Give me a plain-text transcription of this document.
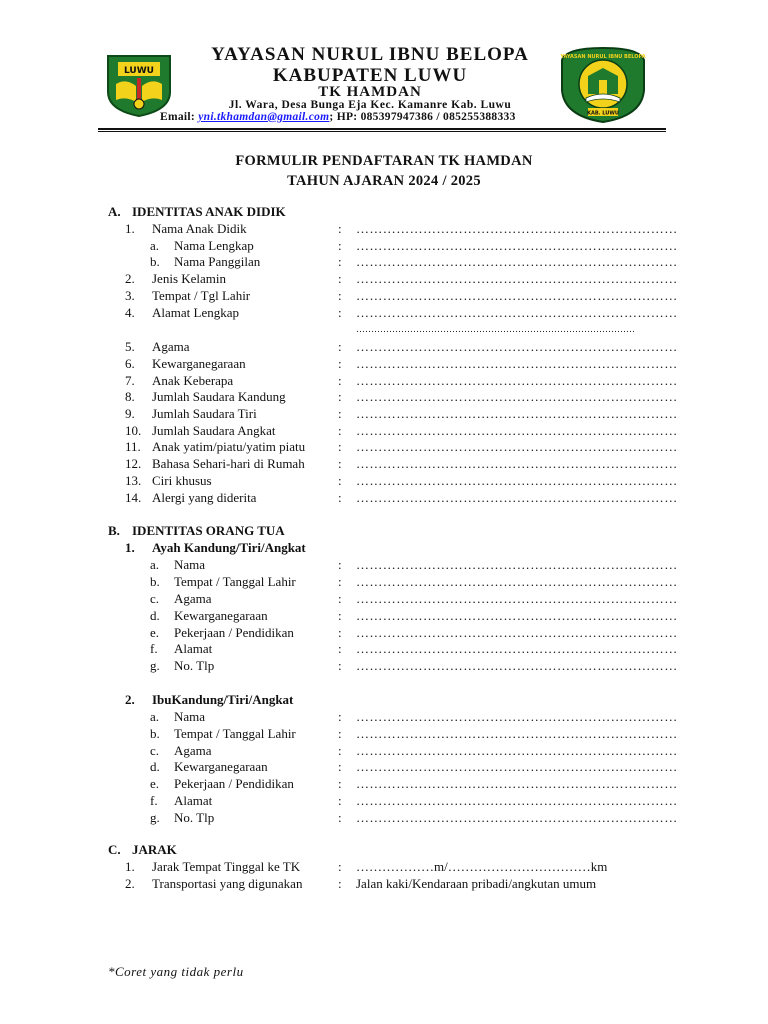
LUWU
YAYASAN NURUL IBNU BELOPA
KAB. LUWU
YAYASAN NURUL IBNU BELOPA
KABUPATEN LUWU
TK HAMDAN
Jl. Wara, Desa Bunga Eja Kec. Kamanre Kab. Luwu
Email: yni.tkhamdan@gmail.com; HP: 085397947386 / 085255388333
FORMULIR PENDAFTARAN TK HAMDAN
TAHUN AJARAN 2024 / 2025
A. IDENTITAS ANAK DIDIK
1.	Nama Anak Didik	: ………………………………………………………………
a.	Nama Lengkap	: ………………………………………………………………
b.	Nama Panggilan	: ………………………………………………………………
2.	Jenis Kelamin	: ………………………………………………………………
3.	Tempat / Tgl Lahir	: ………………………………………………………………
4.	Alamat Lengkap	: ………………………………………………………………
…………………………………………………………………………………
5.	Agama	: ………………………………………………………………
6.	Kewarganegaraan	: ………………………………………………………………
7.	Anak Keberapa	: ………………………………………………………………
8.	Jumlah Saudara Kandung	: ………………………………………………………………
9.	Jumlah Saudara Tiri	: ………………………………………………………………
10. Jumlah Saudara Angkat	: ………………………………………………………………
11. Anak yatim/piatu/yatim piatu	: ………………………………………………………………
12. Bahasa Sehari-hari di Rumah	: ………………………………………………………………
13. Ciri khusus	: ………………………………………………………………
14. Alergi yang diderita	: ………………………………………………………………
B. IDENTITAS ORANG TUA
1.	Ayah Kandung/Tiri/Angkat
a.	Nama	: ………………………………………………………………
b.	Tempat / Tanggal Lahir	: ………………………………………………………………
c.	Agama	: ………………………………………………………………
d.	Kewarganegaraan	: ………………………………………………………………
e.	Pekerjaan / Pendidikan	: ………………………………………………………………
f.	Alamat	: ………………………………………………………………
g.	No. Tlp	: ………………………………………………………………
2.	IbuKandung/Tiri/Angkat
a.	Nama	: ………………………………………………………………
b.	Tempat / Tanggal Lahir	: ………………………………………………………………
c.	Agama	: ………………………………………………………………
d.	Kewarganegaraan	: ………………………………………………………………
e.	Pekerjaan / Pendidikan	: ………………………………………………………………
f.	Alamat	: ………………………………………………………………
g.	No. Tlp	: ………………………………………………………………
C. JARAK
1.	Jarak Tempat Tinggal ke TK	: ………………m/……………………………km
2.	Transportasi yang digunakan	: Jalan kaki/Kendaraan pribadi/angkutan umum
*Coret yang tidak perlu
